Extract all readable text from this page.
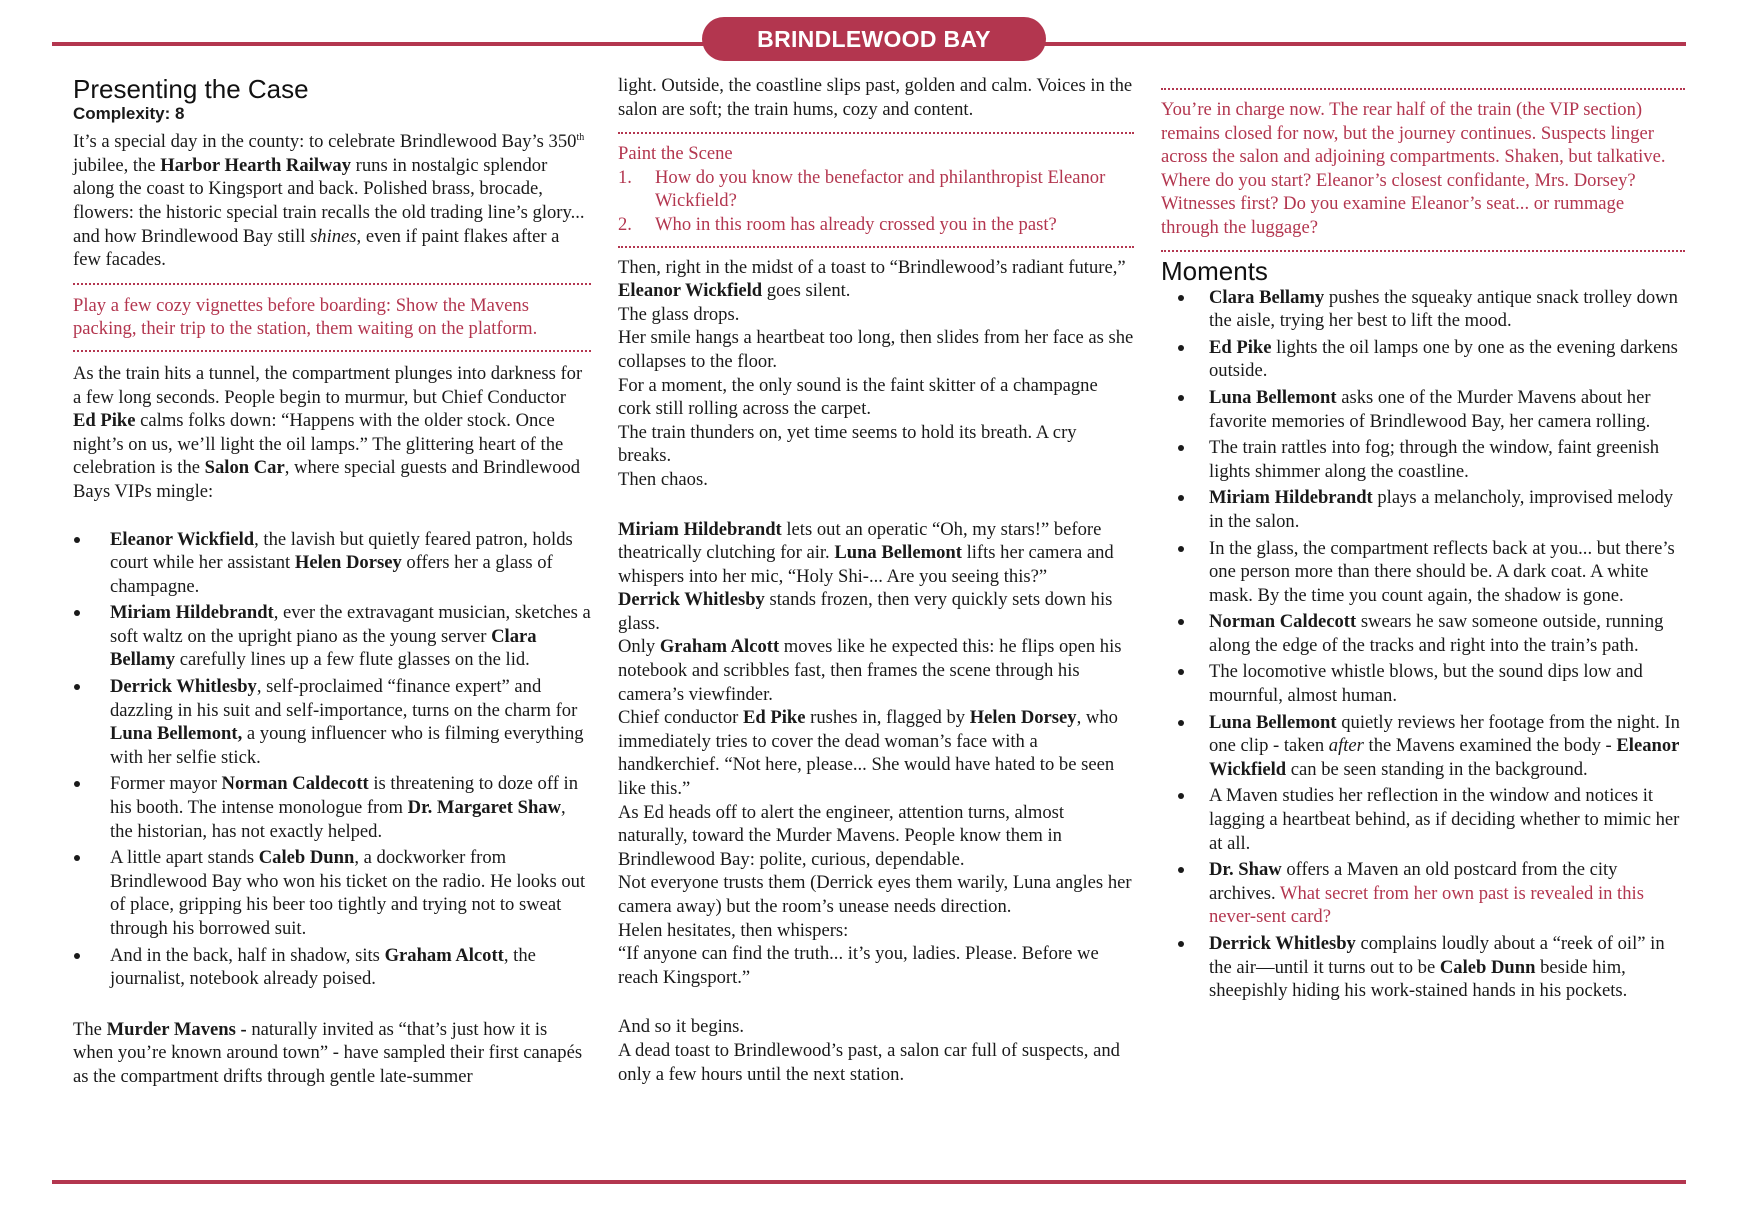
BRINDLEWOOD BAY
Presenting the Case

Complexity: 8

It’s a special day in the county: to celebrate Brindlewood Bay’s 350th jubilee, the Harbor Hearth Railway runs in nostalgic splendor along the coast to Kingsport and back. Polished brass, brocade, flowers: the historic special train recalls the old trading line’s glory... and how Brindlewood Bay still shines, even if paint flakes after a few facades.

Play a few cozy vignettes before boarding: Show the Mavens packing, their trip to the station, them waiting on the platform.

As the train hits a tunnel, the compartment plunges into darkness for a few long seconds. People begin to murmur, but Chief Conductor Ed Pike calms folks down: “Happens with the older stock. Once night’s on us, we’ll light the oil lamps.” The glittering heart of the celebration is the Salon Car, where special guests and Brindlewood Bays VIPs mingle:

Eleanor Wickfield, the lavish but quietly feared patron, holds court while her assistant Helen Dorsey offers her a glass of champagne.
Miriam Hildebrandt, ever the extravagant musician, sketches a soft waltz on the upright piano as the young server Clara Bellamy carefully lines up a few flute glasses on the lid.
Derrick Whitlesby, self-proclaimed “finance expert” and dazzling in his suit and self-importance, turns on the charm for Luna Bellemont, a young influencer who is filming everything with her selfie stick.
Former mayor Norman Caldecott is threatening to doze off in his booth. The intense monologue from Dr. Margaret Shaw, the historian, has not exactly helped.
A little apart stands Caleb Dunn, a dockworker from Brindlewood Bay who won his ticket on the radio. He looks out of place, gripping his beer too tightly and trying not to sweat through his borrowed suit.
And in the back, half in shadow, sits Graham Alcott, the journalist, notebook already poised.

The Murder Mavens - naturally invited as “that’s just how it is when you’re known around town” - have sampled their first canapés as the compartment drifts through gentle late-summer

light. Outside, the coastline slips past, golden and calm. Voices in the salon are soft; the train hums, cozy and content.

Paint the Scene

1. How do you know the benefactor and philanthropist Eleanor Wickfield?
2. Who in this room has already crossed you in the past?

Then, right in the midst of a toast to “Brindlewood’s radiant future,” Eleanor Wickfield goes silent.

The glass drops.

Her smile hangs a heartbeat too long, then slides from her face as she collapses to the floor.

For a moment, the only sound is the faint skitter of a champagne cork still rolling across the carpet.

The train thunders on, yet time seems to hold its breath. A cry breaks.

Then chaos.

Miriam Hildebrandt lets out an operatic “Oh, my stars!” before theatrically clutching for air. Luna Bellemont lifts her camera and whispers into her mic, “Holy Shi-... Are you seeing this?”

Derrick Whitlesby stands frozen, then very quickly sets down his glass.

Only Graham Alcott moves like he expected this: he flips open his notebook and scribbles fast, then frames the scene through his camera’s viewfinder.

Chief conductor Ed Pike rushes in, flagged by Helen Dorsey, who immediately tries to cover the dead woman’s face with a handkerchief. “Not here, please... She would have hated to be seen like this.”

As Ed heads off to alert the engineer, attention turns, almost naturally, toward the Murder Mavens. People know them in Brindlewood Bay: polite, curious, dependable.

Not everyone trusts them (Derrick eyes them warily, Luna angles her camera away) but the room’s unease needs direction.

Helen hesitates, then whispers:

“If anyone can find the truth... it’s you, ladies. Please. Before we reach Kingsport.”

And so it begins.

A dead toast to Brindlewood’s past, a salon car full of suspects, and only a few hours until the next station.

You’re in charge now. The rear half of the train (the VIP section) remains closed for now, but the journey continues. Suspects linger across the salon and adjoining compartments. Shaken, but talkative.

Where do you start? Eleanor’s closest confidante, Mrs. Dorsey? Witnesses first? Do you examine Eleanor’s seat... or rummage through the luggage?

Moments
Clara Bellamy pushes the squeaky antique snack trolley down the aisle, trying her best to lift the mood.
Ed Pike lights the oil lamps one by one as the evening darkens outside.
Luna Bellemont asks one of the Murder Mavens about her favorite memories of Brindlewood Bay, her camera rolling.
The train rattles into fog; through the window, faint greenish lights shimmer along the coastline.
Miriam Hildebrandt plays a melancholy, improvised melody in the salon.
In the glass, the compartment reflects back at you... but there’s one person more than there should be. A dark coat. A white mask. By the time you count again, the shadow is gone.
Norman Caldecott swears he saw someone outside, running along the edge of the tracks and right into the train’s path.
The locomotive whistle blows, but the sound dips low and mournful, almost human.
Luna Bellemont quietly reviews her footage from the night. In one clip - taken after the Mavens examined the body - Eleanor Wickfield can be seen standing in the background.
A Maven studies her reflection in the window and notices it lagging a heartbeat behind, as if deciding whether to mimic her at all.
Dr. Shaw offers a Maven an old postcard from the city archives. What secret from her own past is revealed in this never-sent card?
Derrick Whitlesby complains loudly about a “reek of oil” in the air—until it turns out to be Caleb Dunn beside him, sheepishly hiding his work-stained hands in his pockets.
